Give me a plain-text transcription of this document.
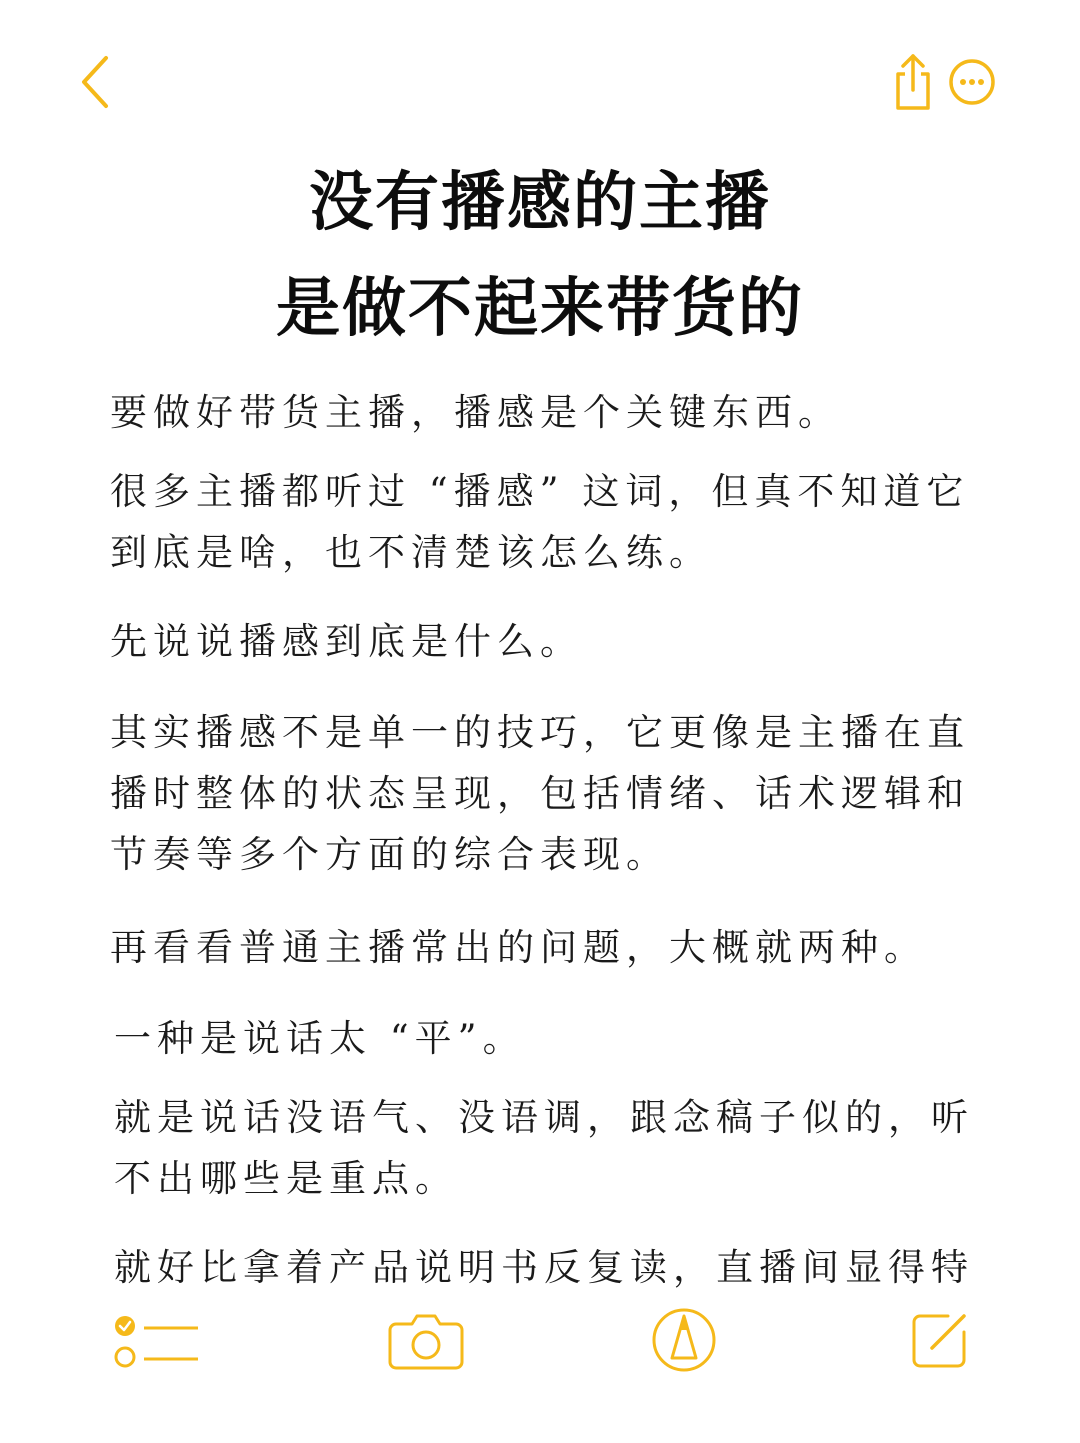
没有播感的主播
是做不起来带货的

要做好带货主播，播感是个关键东西。

很多主播都听过 “播感” 这词，但真不知道它到底是啥，也不清楚该怎么练。

先说说播感到底是什么。

其实播感不是单一的技巧，它更像是主播在直播时整体的状态呈现，包括情绪、话术逻辑和节奏等多个方面的综合表现。

再看看普通主播常出的问题，大概就两种。

一种是说话太 “平”。

就是说话没语气、没语调，跟念稿子似的，听不出哪些是重点。

就好比拿着产品说明书反复读，直播间显得特
